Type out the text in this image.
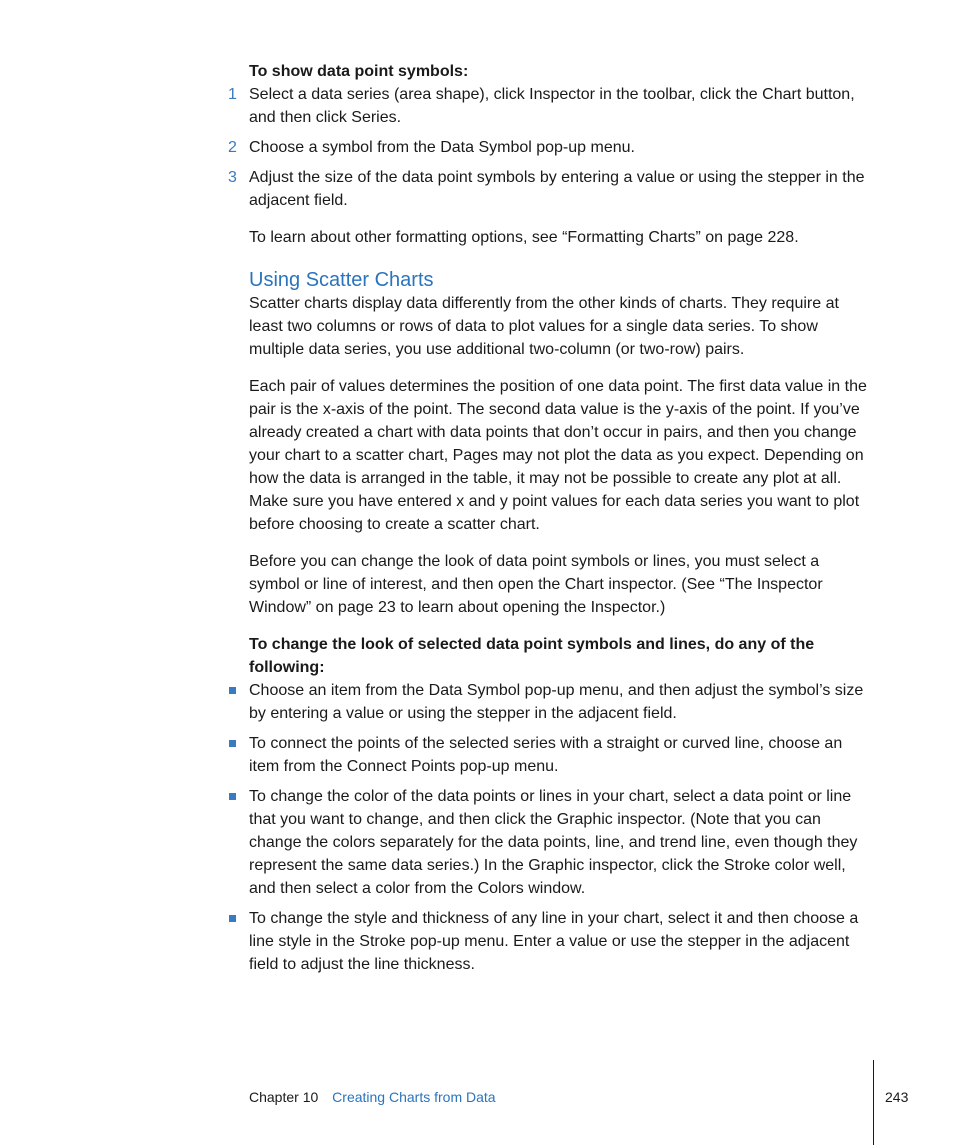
To show data point symbols:
1 Select a data series (area shape), click Inspector in the toolbar, click the Chart button, and then click Series.
2 Choose a symbol from the Data Symbol pop-up menu.
3 Adjust the size of the data point symbols by entering a value or using the stepper in the adjacent field.

To learn about other formatting options, see “Formatting Charts” on page 228.

Using Scatter Charts

Scatter charts display data differently from the other kinds of charts. They require at least two columns or rows of data to plot values for a single data series. To show multiple data series, you use additional two-column (or two-row) pairs.

Each pair of values determines the position of one data point. The first data value in the pair is the x-axis of the point. The second data value is the y-axis of the point. If you’ve already created a chart with data points that don’t occur in pairs, and then you change your chart to a scatter chart, Pages may not plot the data as you expect. Depending on how the data is arranged in the table, it may not be possible to create any plot at all. Make sure you have entered x and y point values for each data series you want to plot before choosing to create a scatter chart.

Before you can change the look of data point symbols or lines, you must select a symbol or line of interest, and then open the Chart inspector. (See “The Inspector Window” on page 23 to learn about opening the Inspector.)

To change the look of selected data point symbols and lines, do any of the following:
Choose an item from the Data Symbol pop-up menu, and then adjust the symbol’s size by entering a value or using the stepper in the adjacent field.
To connect the points of the selected series with a straight or curved line, choose an item from the Connect Points pop-up menu.
To change the color of the data points or lines in your chart, select a data point or line that you want to change, and then click the Graphic inspector. (Note that you can change the colors separately for the data points, line, and trend line, even though they represent the same data series.) In the Graphic inspector, click the Stroke color well, and then select a color from the Colors window.
To change the style and thickness of any line in your chart, select it and then choose a line style in the Stroke pop-up menu. Enter a value or use the stepper in the adjacent field to adjust the line thickness.
Chapter 10 Creating Charts from Data	243
